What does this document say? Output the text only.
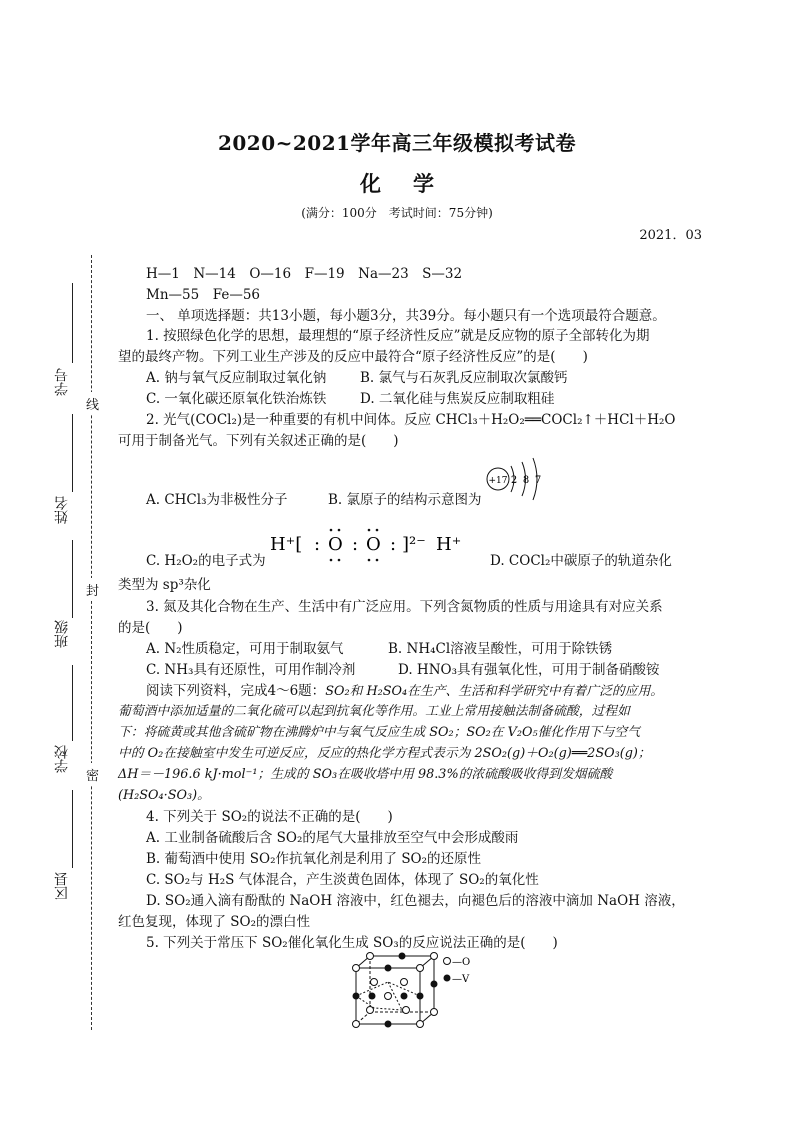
2020~2021学年高三年级模拟考试卷
化学
(满分：100分　考试时间：75分钟)
2021．03
学号
姓名
班级
学校
区县
线
封
密
H—1　N—14　O—16　F—19　Na—23　S—32
Mn—55　Fe—56
一、 单项选择题：共13小题，每小题3分，共39分。每小题只有一个选项最符合题意。
1. 按照绿色化学的思想，最理想的“原子经济性反应”就是反应物的原子全部转化为期
望的最终产物。下列工业生产涉及的反应中最符合“原子经济性反应”的是(　　)
A. 钠与氧气反应制取过氧化钠 B. 氯气与石灰乳反应制取次氯酸钙
C. 一氧化碳还原氧化铁治炼铁 D. 二氧化硅与焦炭反应制取粗硅
2. 光气(COCl₂)是一种重要的有机中间体。反应 CHCl₃＋H₂O₂══COCl₂↑＋HCl＋H₂O
可用于制备光气。下列有关叙述正确的是(　　)
+17 2 8 7
A. CHCl₃为非极性分子	B. 氯原子的结构示意图为
H⁺[ : O : O : ]²⁻ H⁺
C. H₂O₂的电子式为	D. COCl₂中碳原子的轨道杂化
类型为 sp³杂化
3. 氮及其化合物在生产、生活中有广泛应用。下列含氮物质的性质与用途具有对应关系
的是(　　)
A. N₂性质稳定，可用于制取氨气	B. NH₄Cl溶液呈酸性，可用于除铁锈
C. NH₃具有还原性，可用作制冷剂	D. HNO₃具有强氧化性，可用于制备硝酸铵
阅读下列资料，完成4～6题：SO₂和 H₂SO₄在生产、生活和科学研究中有着广泛的应用。
葡萄酒中添加适量的二氧化硫可以起到抗氧化等作用。工业上常用接触法制备硫酸，过程如
下：将硫黄或其他含硫矿物在沸腾炉中与氧气反应生成 SO₂；SO₂在 V₂O₅催化作用下与空气
中的 O₂在接触室中发生可逆反应，反应的热化学方程式表示为 2SO₂(g)＋O₂(g)══2SO₃(g)；
ΔH＝－196.6 kJ·mol⁻¹；生成的 SO₃在吸收塔中用 98.3%的浓硫酸吸收得到发烟硫酸
(H₂SO₄·SO₃)。
4. 下列关于 SO₂的说法不正确的是(　　)
A. 工业制备硫酸后含 SO₂的尾气大量排放至空气中会形成酸雨
B. 葡萄酒中使用 SO₂作抗氧化剂是利用了 SO₂的还原性
C. SO₂与 H₂S 气体混合，产生淡黄色固体，体现了 SO₂的氧化性
D. SO₂通入滴有酚酞的 NaOH 溶液中，红色褪去，向褪色后的溶液中滴加 NaOH 溶液，
红色复现，体现了 SO₂的漂白性
5. 下列关于常压下 SO₂催化氧化生成 SO₃的反应说法正确的是(　　)
—O
—V
